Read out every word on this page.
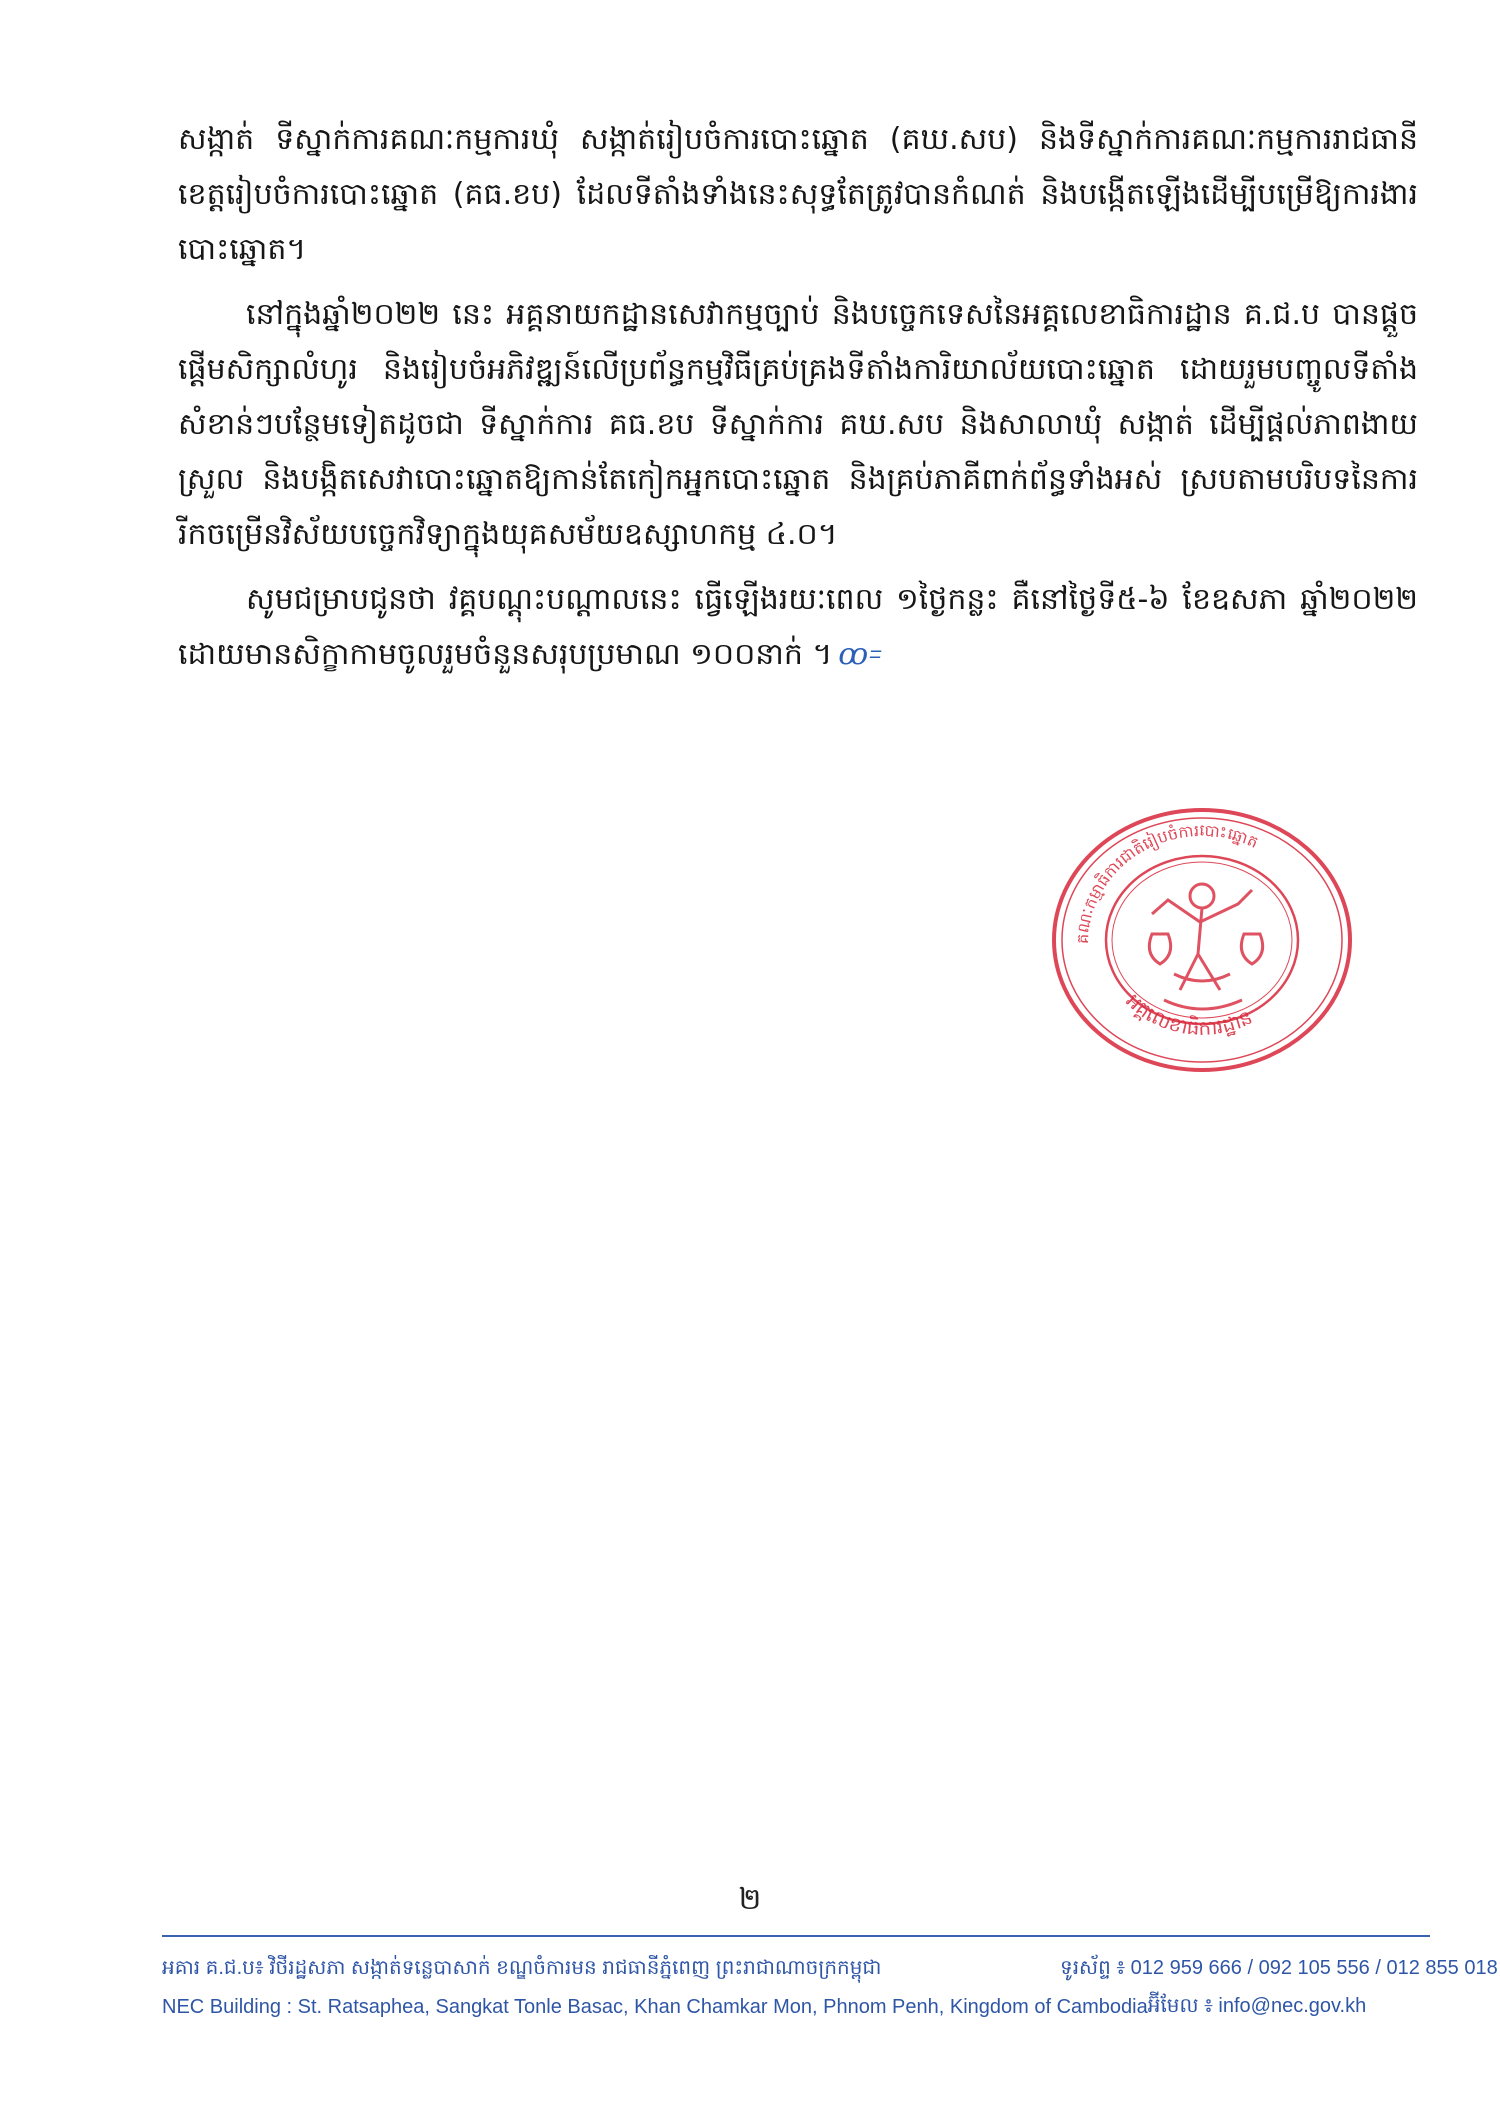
សង្កាត់ ទីស្នាក់ការគណៈកម្មការឃុំ សង្កាត់រៀបចំការបោះឆ្នោត (គឃ.សប) និងទីស្នាក់ការគណៈកម្មការរាជធានី ខេត្តរៀបចំការបោះឆ្នោត (គធ.ខប) ដែលទីតាំងទាំងនេះសុទ្ធតែត្រូវបានកំណត់ និងបង្កើតឡើងដើម្បីបម្រើឱ្យការងារបោះឆ្នោត។

នៅក្នុងឆ្នាំ២០២២ នេះ អគ្គនាយកដ្ឋានសេវាកម្មច្បាប់ និងបច្ចេកទេសនៃអគ្គលេខាធិការដ្ឋាន គ.ជ.ប បានផ្តួចផ្តើមសិក្សាលំហូរ និងរៀបចំអភិវឌ្ឍន៍លើប្រព័ន្ធកម្មវិធីគ្រប់គ្រងទីតាំងការិយាល័យបោះឆ្នោត ដោយរួមបញ្ចូលទីតាំងសំខាន់ៗបន្ថែមទៀតដូចជា ទីស្នាក់ការ គធ.ខប ទីស្នាក់ការ គឃ.សប និងសាលាឃុំ សង្កាត់ ដើម្បីផ្តល់ភាពងាយស្រួល និងបង្កិតសេវាបោះឆ្នោតឱ្យកាន់តែកៀកអ្នកបោះឆ្នោត និងគ្រប់ភាគីពាក់ព័ន្ធទាំងអស់ ស្របតាមបរិបទនៃការរីកចម្រើនវិស័យបច្ចេកវិទ្យាក្នុងយុគសម័យឧស្សាហកម្ម ៤.០។

សូមជម្រាបជូនថា វគ្គបណ្តុះបណ្តាលនេះ ធ្វើឡើងរយៈពេល ១ថ្ងៃកន្លះ គឺនៅថ្ងៃទី៥-៦ ខែឧសភា ឆ្នាំ២០២២ ដោយមានសិក្ខាកាមចូលរួមចំនួនសរុបប្រមាណ ១០០នាក់ ។ ꝏ꞊

គណៈកម្មាធិការជាតិរៀបចំការបោះឆ្នោត
អគ្គលេខាធិការដ្ឋាន
២
អគារ គ.ជ.ប៖ វិថីរដ្ឋសភា សង្កាត់ទន្លេបាសាក់ ខណ្ឌចំការមន រាជធានីភ្នំពេញ ព្រះរាជាណាចក្រកម្ពុជា	ទូរស័ព្ទ ៖ 012 959 666 / 092 105 556 / 012 855 018
NEC Building : St. Ratsaphea, Sangkat Tonle Basac, Khan Chamkar Mon, Phnom Penh, Kingdom of Cambodia អ៊ីមែល ៖ info@nec.gov.kh
